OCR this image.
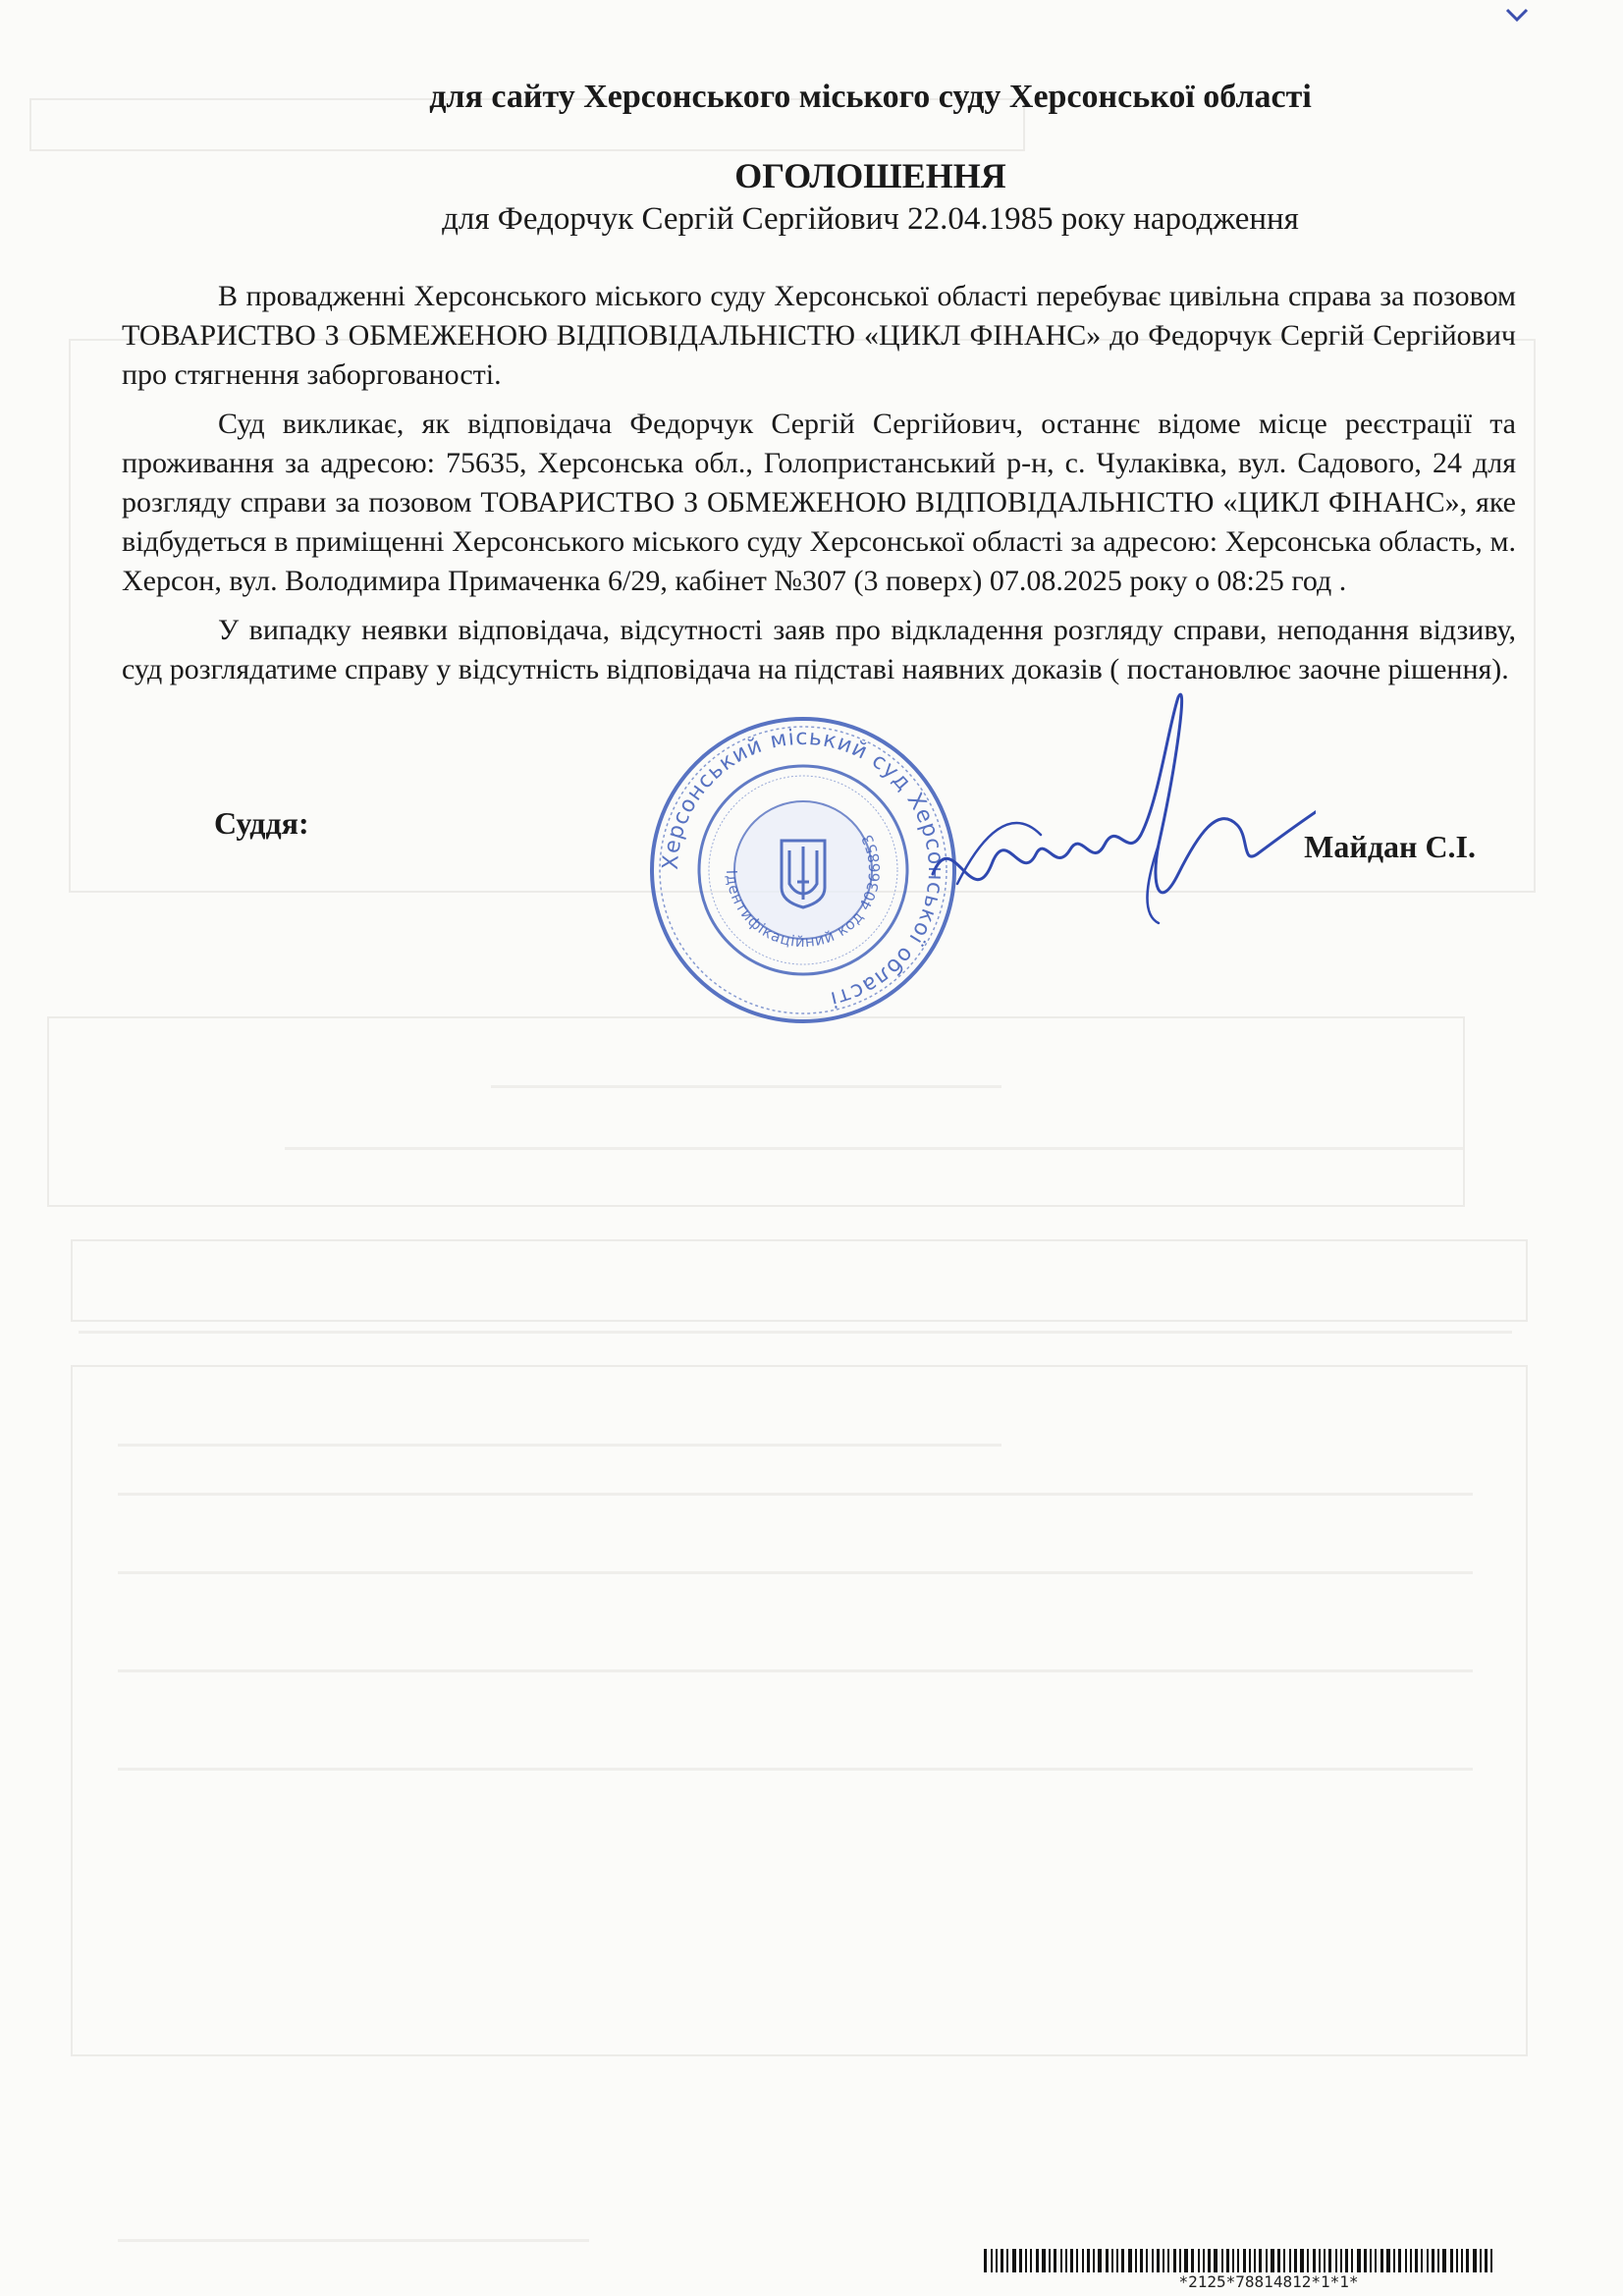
для сайту Херсонського міського суду Херсонської області
ОГОЛОШЕННЯ
для Федорчук Сергій Сергійович 22.04.1985 року народження

В провадженні Херсонського міського суду Херсонської області перебуває цивільна справа за позовом ТОВАРИСТВО З ОБМЕЖЕНОЮ ВІДПОВІДАЛЬНІСТЮ «ЦИКЛ ФІНАНС» до Федорчук Сергій Сергійович про стягнення заборгованості.

Суд викликає, як відповідача Федорчук Сергій Сергійович, останнє відоме місце реєстрації та проживання за адресою: 75635, Херсонська обл., Голопристанський р-н, с. Чулаківка, вул. Садового, 24 для розгляду справи за позовом ТОВАРИСТВО З ОБМЕЖЕНОЮ ВІДПОВІДАЛЬНІСТЮ «ЦИКЛ ФІНАНС», яке відбудеться в приміщенні Херсонського міського суду Херсонської області за адресою: Херсонська область, м. Херсон, вул. Володимира Примаченка 6/29, кабінет №307 (3 поверх) 07.08.2025 року о 08:25 год .

У випадку неявки відповідача, відсутності заяв про відкладення розгляду справи, неподання відзиву, суд розглядатиме справу у відсутність відповідача на підставі наявних доказів ( постановлює заочне рішення).

Суддя:
Майдан С.І.
Херсонський міський суд Херсонської області
Ідентифікаційний код 40366853
*2125*78814812*1*1*
